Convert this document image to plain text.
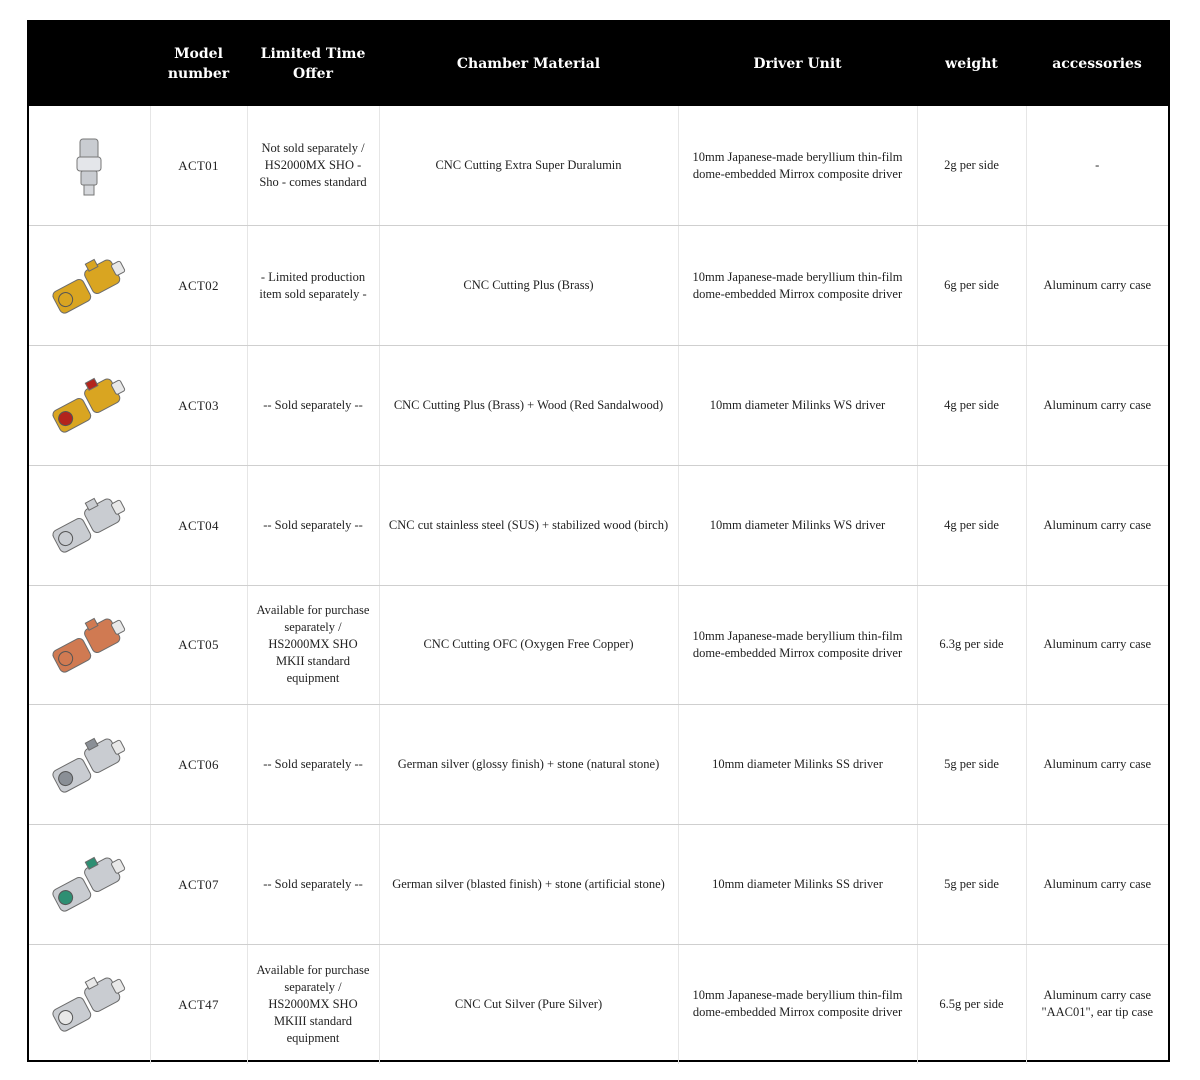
	Model number	Limited Time Offer	Chamber Material	Driver Unit	weight	accessories

	ACT01	Not sold separately / HS2000MX SHO - Sho - comes standard	CNC Cutting Extra Super Duralumin	10mm Japanese-made beryllium thin-film dome-embedded Mirrox composite driver	2g per side	-

	ACT02	- Limited production item sold separately -	CNC Cutting Plus (Brass)	10mm Japanese-made beryllium thin-film dome-embedded Mirrox composite driver	6g per side	Aluminum carry case

	ACT03	-- Sold separately --	CNC Cutting Plus (Brass) + Wood (Red Sandalwood)	10mm diameter Milinks WS driver	4g per side	Aluminum carry case

	ACT04	-- Sold separately --	CNC cut stainless steel (SUS) + stabilized wood (birch)	10mm diameter Milinks WS driver	4g per side	Aluminum carry case

	ACT05	Available for purchase separately / HS2000MX SHO MKII standard equipment	CNC Cutting OFC (Oxygen Free Copper)	10mm Japanese-made beryllium thin-film dome-embedded Mirrox composite driver	6.3g per side	Aluminum carry case

	ACT06	-- Sold separately --	German silver (glossy finish) + stone (natural stone)	10mm diameter Milinks SS driver	5g per side	Aluminum carry case

	ACT07	-- Sold separately --	German silver (blasted finish) + stone (artificial stone)	10mm diameter Milinks SS driver	5g per side	Aluminum carry case

	ACT47	Available for purchase separately / HS2000MX SHO MKIII standard equipment	CNC Cut Silver (Pure Silver)	10mm Japanese-made beryllium thin-film dome-embedded Mirrox composite driver	6.5g per side	Aluminum carry case "AAC01", ear tip case
